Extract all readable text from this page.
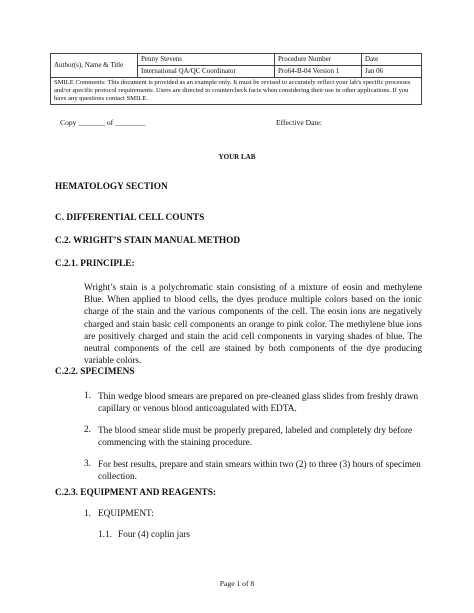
Author(s), Name & Title	Penny Stevens	Procedure Number	Date
	International QA/QC Coordinator	Pro64-B-04 Version 1	Jan 06
SMILE Comments: This document is provided as an example only. It must be revised to accurately reflect your lab's specific processes and/or specific protocol requirements. Users are directed to countercheck facts when considering their use in other applications. If you have any questions contact SMILE.			
Copy _______ of ________	Effective Date:
YOUR LAB
HEMATOLOGY SECTION
C. DIFFERENTIAL CELL COUNTS
C.2. WRIGHT’S STAIN MANUAL METHOD
C.2.1. PRINCIPLE:
Wright’s stain is a polychromatic stain consisting of a mixture of eosin and methylene Blue. When applied to blood cells, the dyes produce multiple colors based on the ionic charge of the stain and the various components of the cell. The eosin ions are negatively charged and stain basic cell components an orange to pink color. The methylene blue ions are positively charged and stain the acid cell components in varying shades of blue. The neutral components of the cell are stained by both components of the dye producing variable colors.
C.2.2. SPECIMENS
1. Thin wedge blood smears are prepared on pre-cleaned glass slides from freshly drawn capillary or venous blood anticoagulated with EDTA.
2. The blood smear slide must be properly prepared, labeled and completely dry before commencing with the staining procedure.
3. For best results, prepare and stain smears within two (2) to three (3) hours of specimen collection.
C.2.3. EQUIPMENT AND REAGENTS:
1. EQUIPMENT:
1.1. Four (4) coplin jars
Page 1 of 8
